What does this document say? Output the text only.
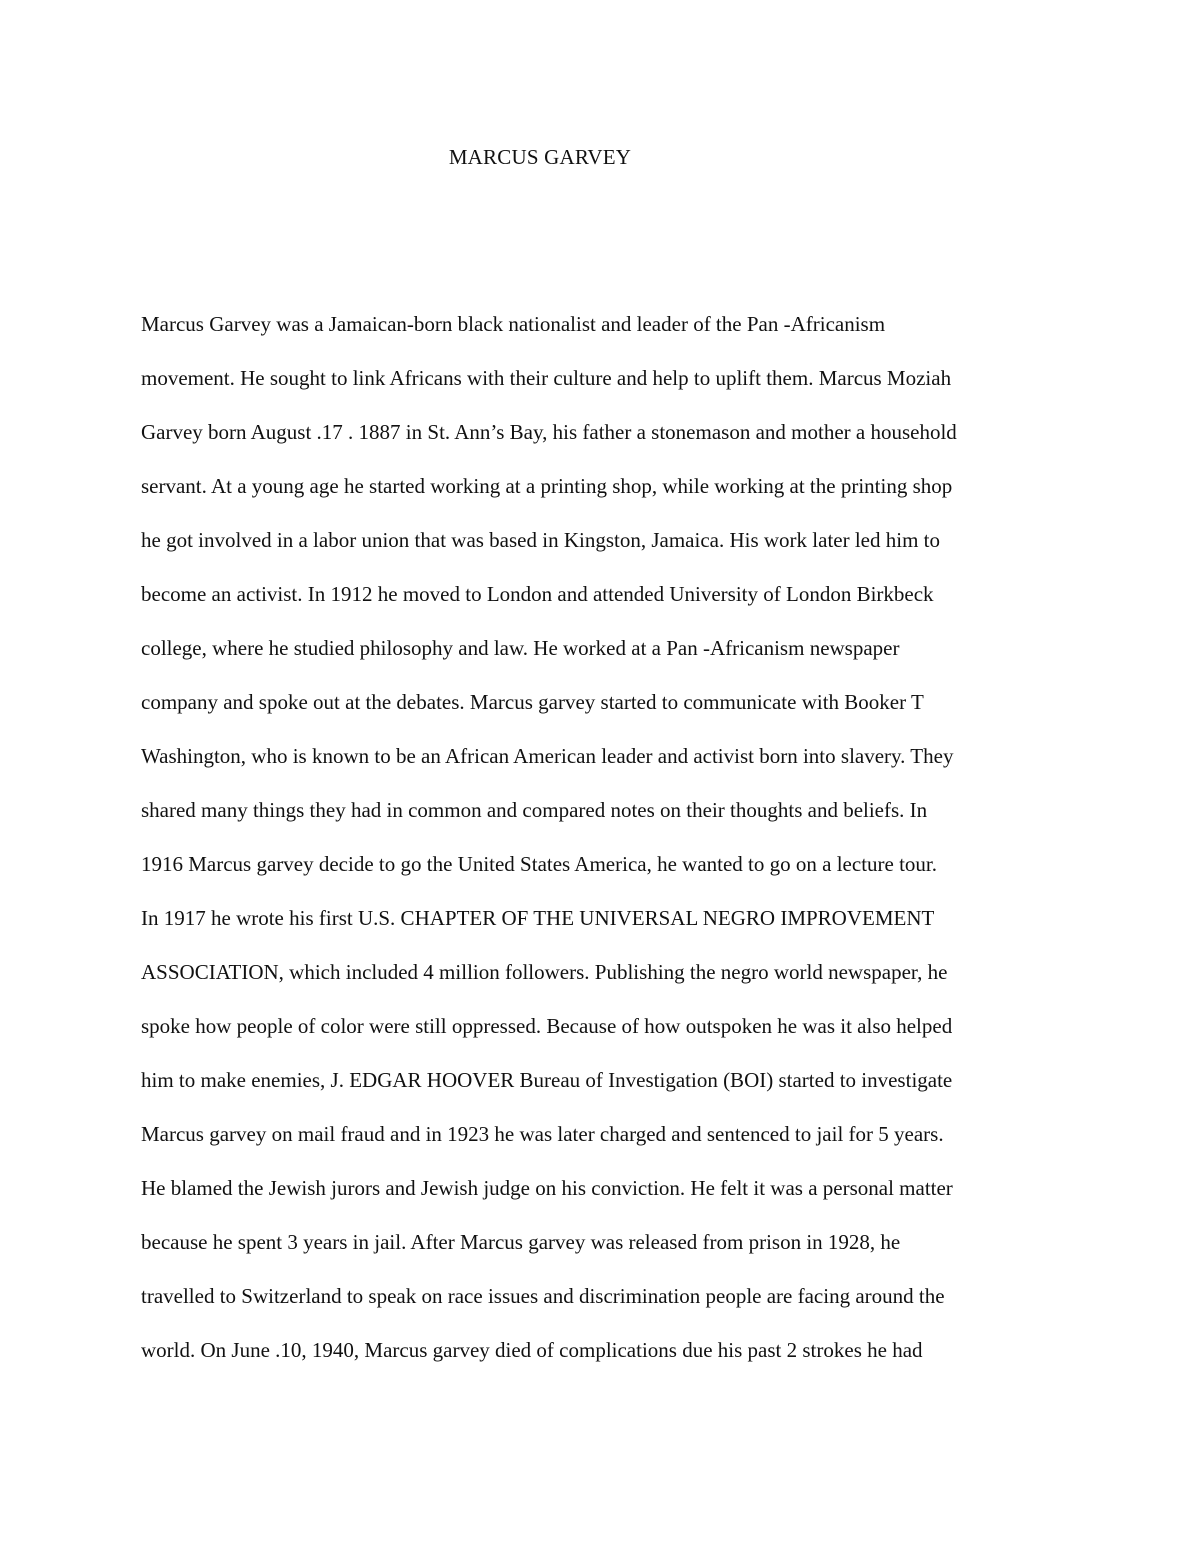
MARCUS GARVEY
Marcus Garvey was a Jamaican-born black nationalist and leader of the Pan -Africanism
movement. He sought to link Africans with their culture and help to uplift them. Marcus Moziah
Garvey born August .17 . 1887 in St. Ann’s Bay, his father a stonemason and mother a household
servant. At a young age he started working at a printing shop, while working at the printing shop
he got involved in a labor union that was based in Kingston, Jamaica. His work later led him to
become an activist. In 1912 he moved to London and attended University of London Birkbeck
college, where he studied philosophy and law. He worked at a Pan -Africanism newspaper
company and spoke out at the debates. Marcus garvey started to communicate with Booker T
Washington, who is known to be an African American leader and activist born into slavery. They
shared many things they had in common and compared notes on their thoughts and beliefs. In
1916 Marcus garvey decide to go the United States America, he wanted to go on a lecture tour.
In 1917 he wrote his first U.S. CHAPTER OF THE UNIVERSAL NEGRO IMPROVEMENT
ASSOCIATION, which included 4 million followers. Publishing the negro world newspaper, he
spoke how people of color were still oppressed. Because of how outspoken he was it also helped
him to make enemies, J. EDGAR HOOVER Bureau of Investigation (BOI) started to investigate
Marcus garvey on mail fraud and in 1923 he was later charged and sentenced to jail for 5 years.
He blamed the Jewish jurors and Jewish judge on his conviction. He felt it was a personal matter
because he spent 3 years in jail. After Marcus garvey was released from prison in 1928, he
travelled to Switzerland to speak on race issues and discrimination people are facing around the
world. On June .10, 1940, Marcus garvey died of complications due his past 2 strokes he had
